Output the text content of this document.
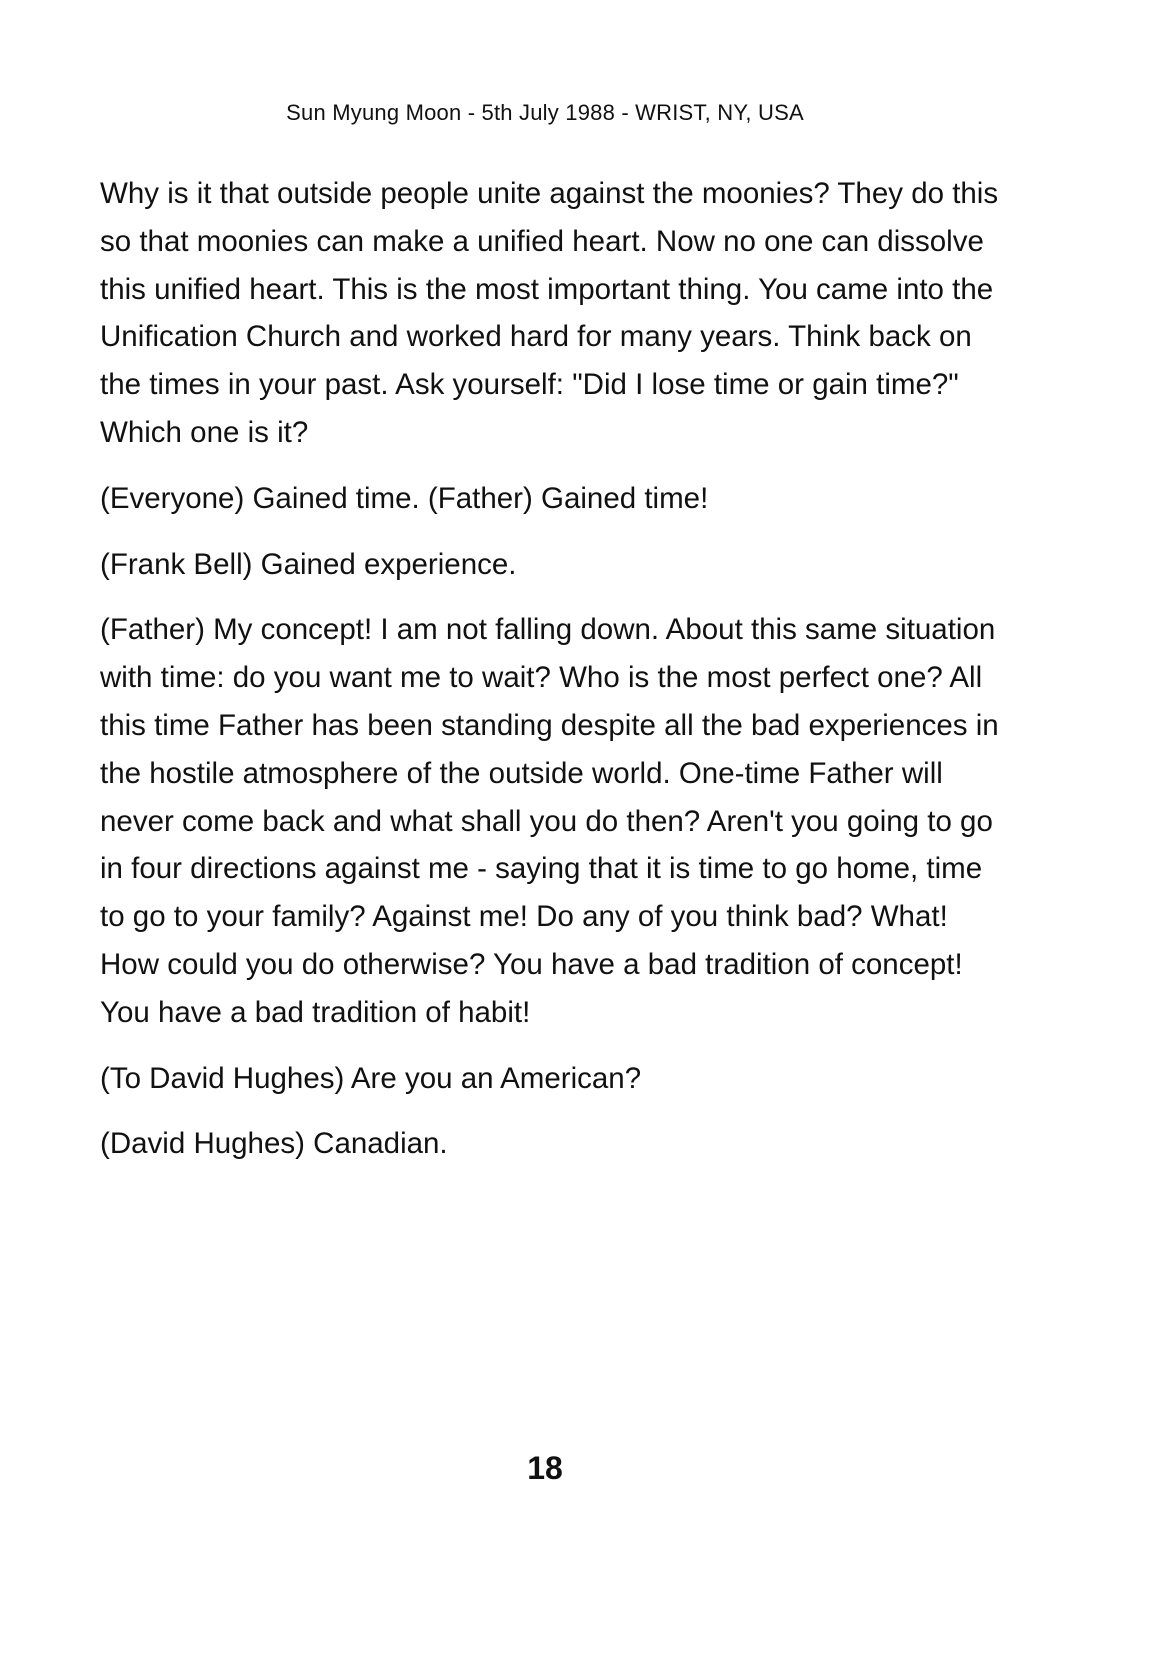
Sun Myung Moon - 5th July 1988 - WRIST, NY, USA

Why is it that outside people unite against the moonies? They do this so that moonies can make a unified heart. Now no one can dissolve this unified heart. This is the most important thing. You came into the Unification Church and worked hard for many years. Think back on the times in your past. Ask yourself: "Did I lose time or gain time?" Which one is it?

(Everyone) Gained time. (Father) Gained time!

(Frank Bell) Gained experience.

(Father) My concept! I am not falling down. About this same situation with time: do you want me to wait? Who is the most perfect one? All this time Father has been standing despite all the bad experiences in the hostile atmosphere of the outside world. One-time Father will never come back and what shall you do then? Aren't you going to go in four directions against me - saying that it is time to go home, time to go to your family? Against me! Do any of you think bad? What! How could you do otherwise? You have a bad tradition of concept! You have a bad tradition of habit!

(To David Hughes) Are you an American?

(David Hughes) Canadian.

18
